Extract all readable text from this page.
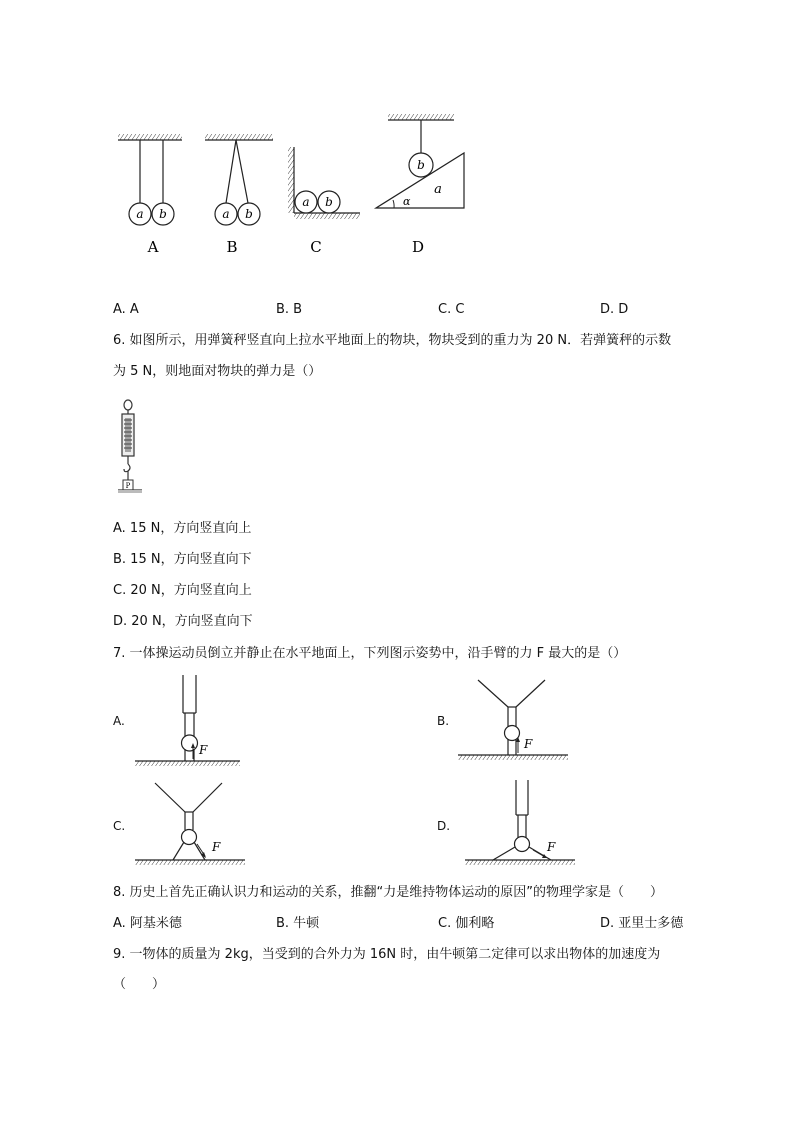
a b
A
a b
B
a b
C
b
a
α
D
A. A	B. B	C. C	D. D
6. 如图所示，用弹簧秤竖直向上拉水平地面上的物块，物块受到的重力为 20 N．若弹簧秤的示数
为 5 N，则地面对物块的弹力是（）
P
A. 15 N，方向竖直向上
B. 15 N，方向竖直向下
C. 20 N，方向竖直向上
D. 20 N，方向竖直向下
7. 一体操运动员倒立并静止在水平地面上，下列图示姿势中，沿手臂的力 F 最大的是（）
A.	B.
C.	D.
F	F
F	F
8. 历史上首先正确认识力和运动的关系，推翻“力是维持物体运动的原因”的物理学家是（　　）
A. 阿基米德	B. 牛顿	C. 伽利略	D. 亚里士多德
9. 一物体的质量为 2kg，当受到的合外力为 16N 时，由牛顿第二定律可以求出物体的加速度为
（　　）
